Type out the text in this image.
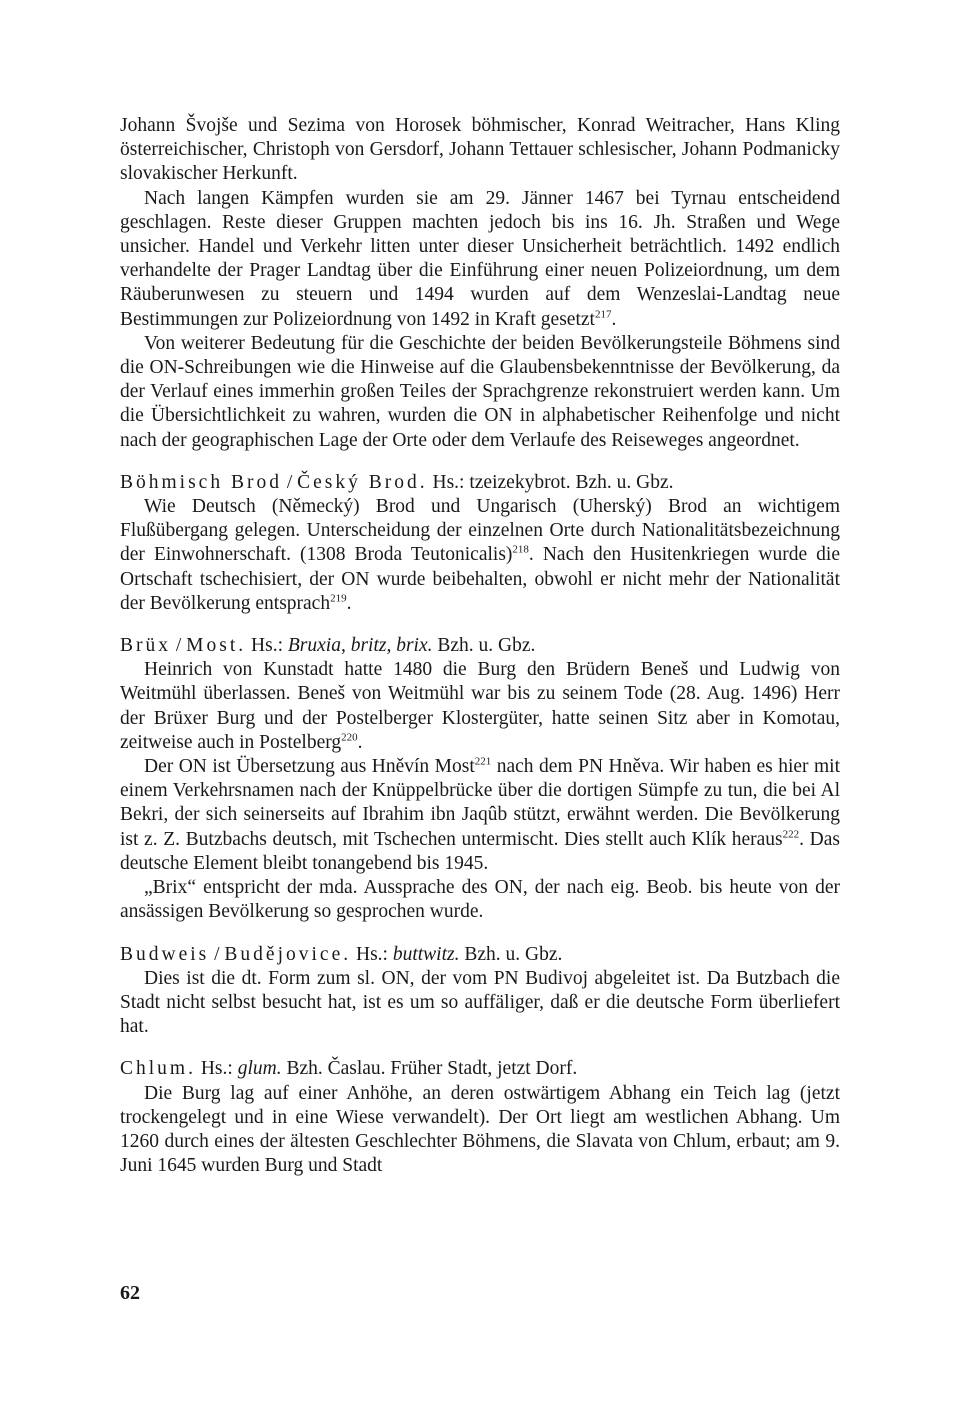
Johann Švojše und Sezima von Horosek böhmischer, Konrad Weitracher, Hans Kling österreichischer, Christoph von Gersdorf, Johann Tettauer schlesischer, Johann Podmanicky slovakischer Herkunft.

Nach langen Kämpfen wurden sie am 29. Jänner 1467 bei Tyrnau entscheidend geschlagen. Reste dieser Gruppen machten jedoch bis ins 16. Jh. Straßen und Wege unsicher. Handel und Verkehr litten unter dieser Unsicherheit beträchtlich. 1492 endlich verhandelte der Prager Landtag über die Einführung einer neuen Polizeiordnung, um dem Räuberunwesen zu steuern und 1494 wurden auf dem Wenzeslai-Landtag neue Bestimmungen zur Polizeiordnung von 1492 in Kraft gesetzt$^{217}$.

Von weiterer Bedeutung für die Geschichte der beiden Bevölkerungsteile Böhmens sind die ON-Schreibungen wie die Hinweise auf die Glaubensbekenntnisse der Bevölkerung, da der Verlauf eines immerhin großen Teiles der Sprachgrenze rekonstruiert werden kann. Um die Übersichtlichkeit zu wahren, wurden die ON in alphabetischer Reihenfolge und nicht nach der geographischen Lage der Orte oder dem Verlaufe des Reiseweges angeordnet.

Böhmisch Brod / Český Brod. Hs.: tzeizekybrot. Bzh. u. Gbz.

Wie Deutsch (Německý) Brod und Ungarisch (Uherský) Brod an wichtigem Flußübergang gelegen. Unterscheidung der einzelnen Orte durch Nationalitätsbezeichnung der Einwohnerschaft. (1308 Broda Teutonicalis)$^{218}$. Nach den Husitenkriegen wurde die Ortschaft tschechisiert, der ON wurde beibehalten, obwohl er nicht mehr der Nationalität der Bevölkerung entsprach$^{219}$.

Brüx / Most. Hs.: Bruxia, britz, brix. Bzh. u. Gbz.

Heinrich von Kunstadt hatte 1480 die Burg den Brüdern Beneš und Ludwig von Weitmühl überlassen. Beneš von Weitmühl war bis zu seinem Tode (28. Aug. 1496) Herr der Brüxer Burg und der Postelberger Klostergüter, hatte seinen Sitz aber in Komotau, zeitweise auch in Postelberg$^{220}$.

Der ON ist Übersetzung aus Hněvín Most$^{221}$ nach dem PN Hněva. Wir haben es hier mit einem Verkehrsnamen nach der Knüppelbrücke über die dortigen Sümpfe zu tun, die bei Al Bekri, der sich seinerseits auf Ibrahim ibn Jaqûb stützt, erwähnt werden. Die Bevölkerung ist z. Z. Butzbachs deutsch, mit Tschechen untermischt. Dies stellt auch Klík heraus$^{222}$. Das deutsche Element bleibt tonangebend bis 1945.

„Brix“ entspricht der mda. Aussprache des ON, der nach eig. Beob. bis heute von der ansässigen Bevölkerung so gesprochen wurde.

Budweis / Budějovice. Hs.: buttwitz. Bzh. u. Gbz.

Dies ist die dt. Form zum sl. ON, der vom PN Budivoj abgeleitet ist. Da Butzbach die Stadt nicht selbst besucht hat, ist es um so auffäliger, daß er die deutsche Form überliefert hat.

Chlum. Hs.: glum. Bzh. Časlau. Früher Stadt, jetzt Dorf.

Die Burg lag auf einer Anhöhe, an deren ostwärtigem Abhang ein Teich lag (jetzt trockengelegt und in eine Wiese verwandelt). Der Ort liegt am westlichen Abhang. Um 1260 durch eines der ältesten Geschlechter Böhmens, die Slavata von Chlum, erbaut; am 9. Juni 1645 wurden Burg und Stadt

62
